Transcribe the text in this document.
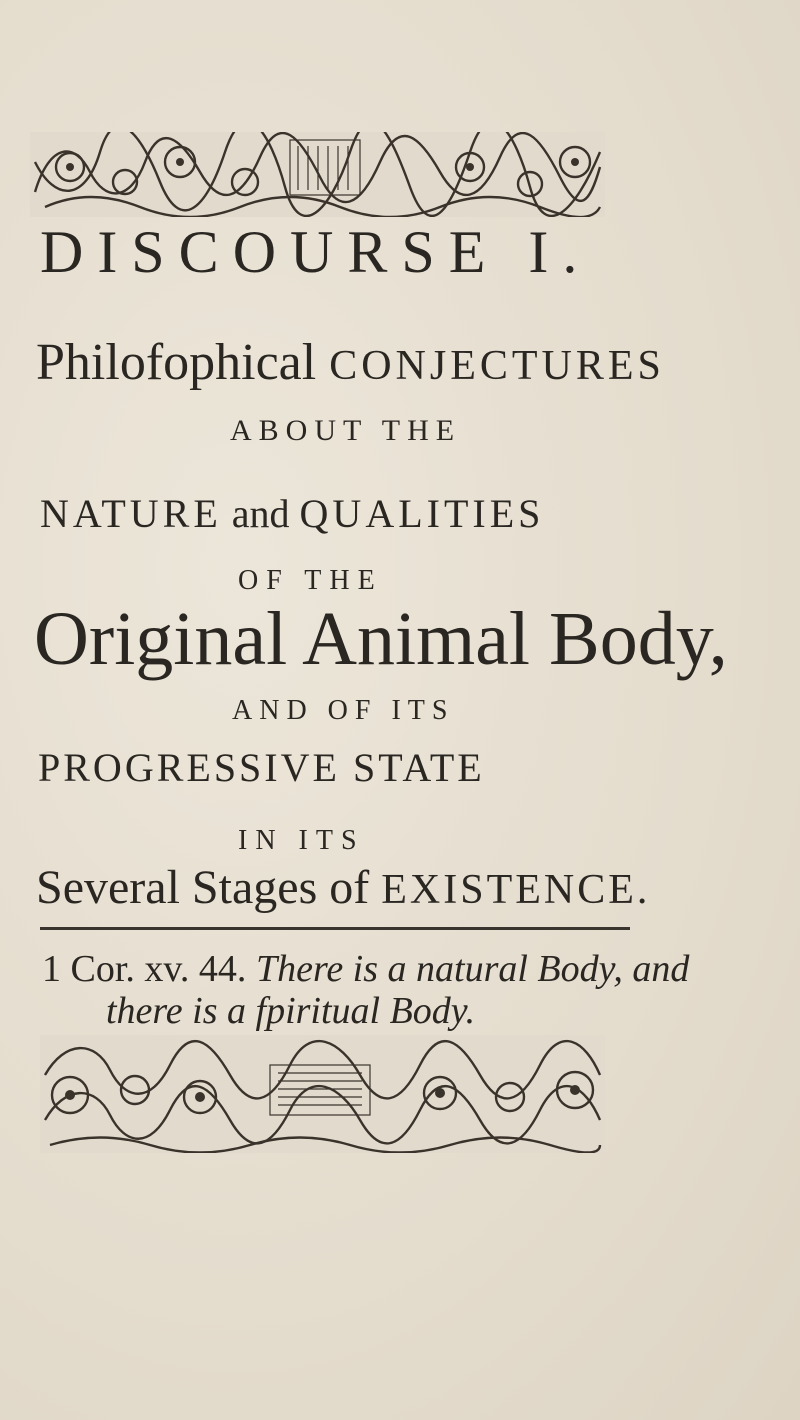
DISCOURSE I.
Philofophical CONJECTURES
ABOUT THE
NATURE and QUALITIES
OF THE
Original Animal Body,
AND OF ITS
PROGRESSIVE STATE
IN ITS
Several Stages of EXISTENCE.
1 Cor. xv. 44. There is a natural Body, and
there is a fpiritual Body.
